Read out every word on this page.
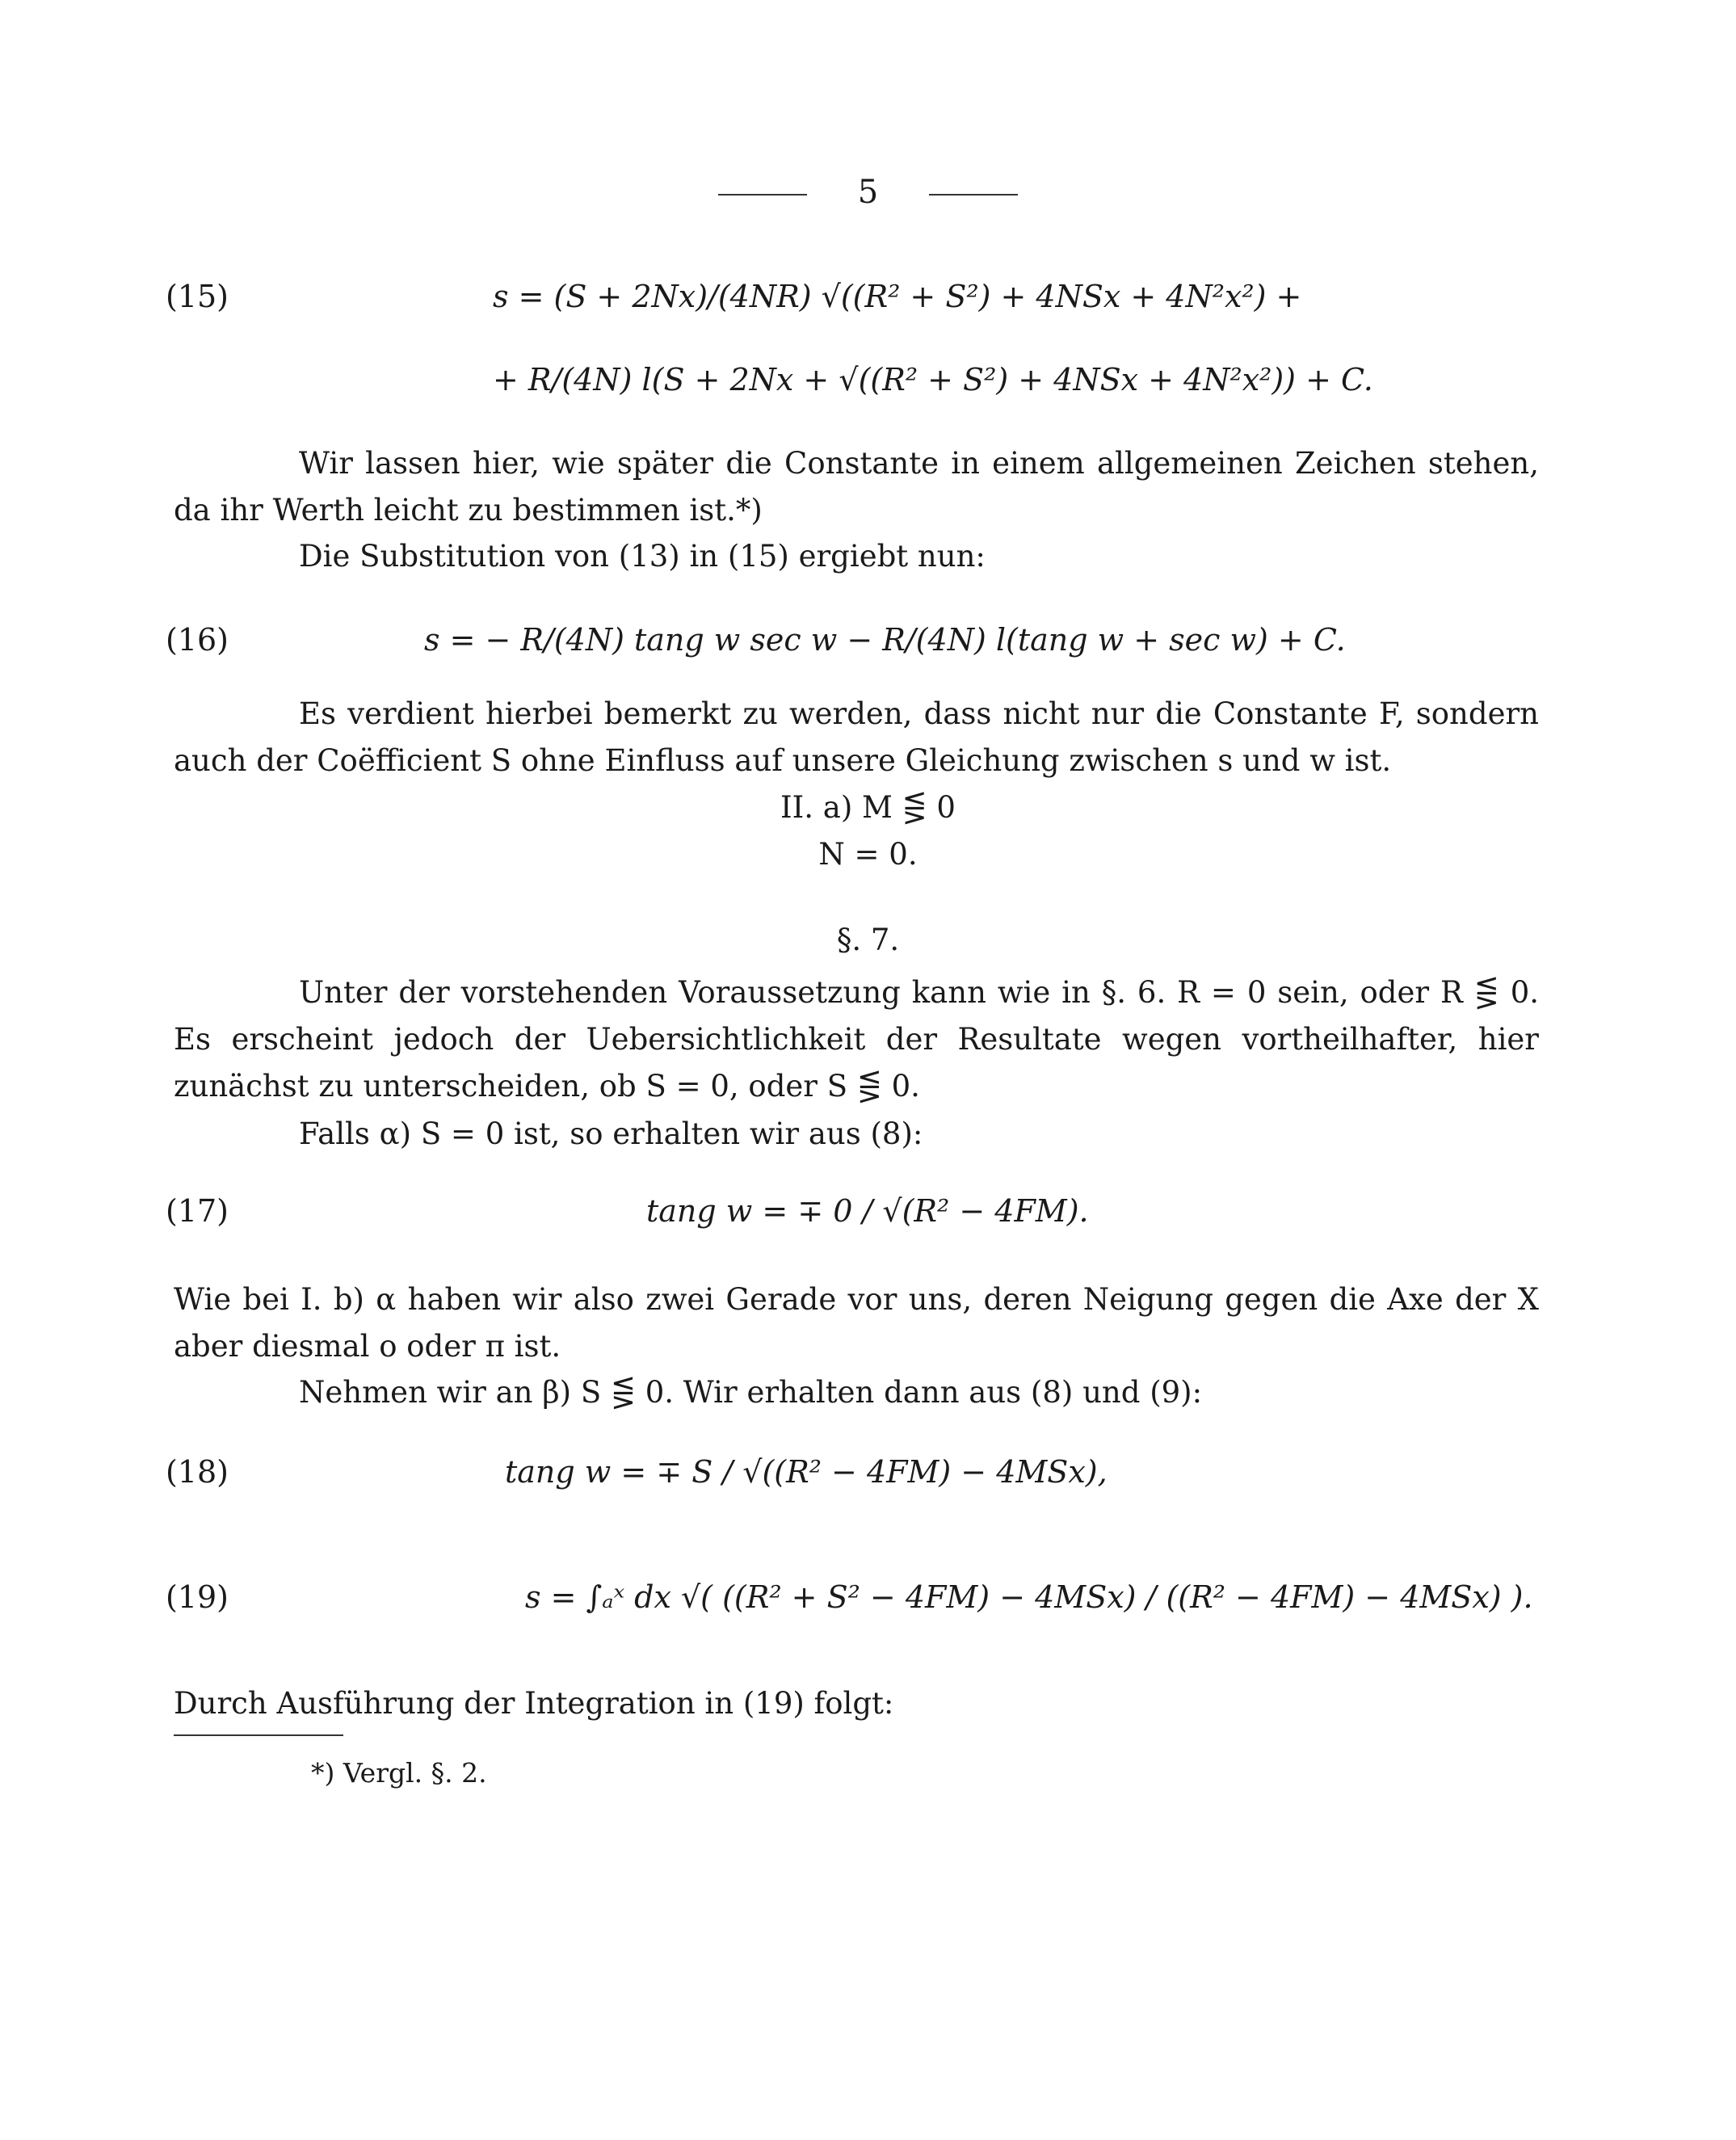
5
(15)	s = (S + 2Nx)/(4NR) √((R² + S²) + 4NSx + 4N²x²) +
+ R/(4N) l(S + 2Nx + √((R² + S²) + 4NSx + 4N²x²)) + C.
Wir lassen hier, wie später die Constante in einem allgemeinen Zeichen stehen, da ihr Werth leicht zu bestimmen ist.*)
Die Substitution von (13) in (15) ergiebt nun:
(16)	s = − R/(4N) tang w sec w − R/(4N) l(tang w + sec w) + C.
Es verdient hierbei bemerkt zu werden, dass nicht nur die Constante F, sondern auch der Coëfficient S ohne Einfluss auf unsere Gleichung zwischen s und w ist.
II. a) M ⋚ 0
N = 0.
§. 7.
Unter der vorstehenden Voraussetzung kann wie in §. 6. R = 0 sein, oder R ⋚ 0. Es erscheint jedoch der Uebersichtlichkeit der Resultate wegen vortheilhafter, hier zunächst zu unterscheiden, ob S = 0, oder S ⋚ 0.
Falls α) S = 0 ist, so erhalten wir aus (8):
(17)	tang w = ∓ 0 / √(R² − 4FM).
Wie bei I. b) α haben wir also zwei Gerade vor uns, deren Neigung gegen die Axe der X aber diesmal o oder π ist.
Nehmen wir an β) S ⋚ 0. Wir erhalten dann aus (8) und (9):
(18)	tang w = ∓ S / √((R² − 4FM) − 4MSx),
(19)	s = ∫ₐˣ dx √( ((R² + S² − 4FM) − 4MSx) / ((R² − 4FM) − 4MSx) ).
Durch Ausführung der Integration in (19) folgt:
*) Vergl. §. 2.
